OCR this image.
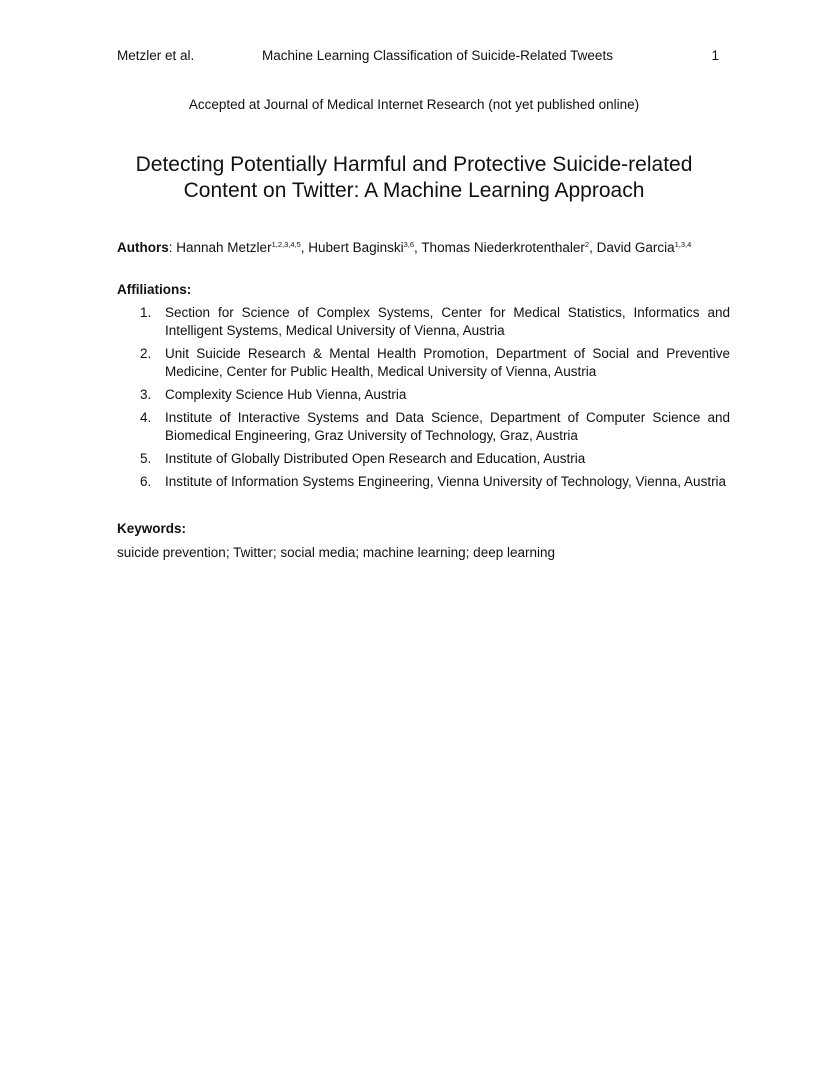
Metzler et al.	Machine Learning Classification of Suicide-Related Tweets	1
Accepted at Journal of Medical Internet Research (not yet published online)
Detecting Potentially Harmful and Protective Suicide-related
Content on Twitter: A Machine Learning Approach
Authors: Hannah Metzler$^{1,2,3,4,5}$, Hubert Baginski$^{3,6}$, Thomas Niederkrotenthaler$^2$, David Garcia$^{1,3,4}$
Affiliations:
1. Section for Science of Complex Systems, Center for Medical Statistics, Informatics and Intelligent Systems, Medical University of Vienna, Austria
2. Unit Suicide Research & Mental Health Promotion, Department of Social and Preventive Medicine, Center for Public Health, Medical University of Vienna, Austria
3. Complexity Science Hub Vienna, Austria
4. Institute of Interactive Systems and Data Science, Department of Computer Science and Biomedical Engineering, Graz University of Technology, Graz, Austria
5. Institute of Globally Distributed Open Research and Education, Austria
6. Institute of Information Systems Engineering, Vienna University of Technology, Vienna, Austria
Keywords:
suicide prevention; Twitter; social media; machine learning; deep learning
